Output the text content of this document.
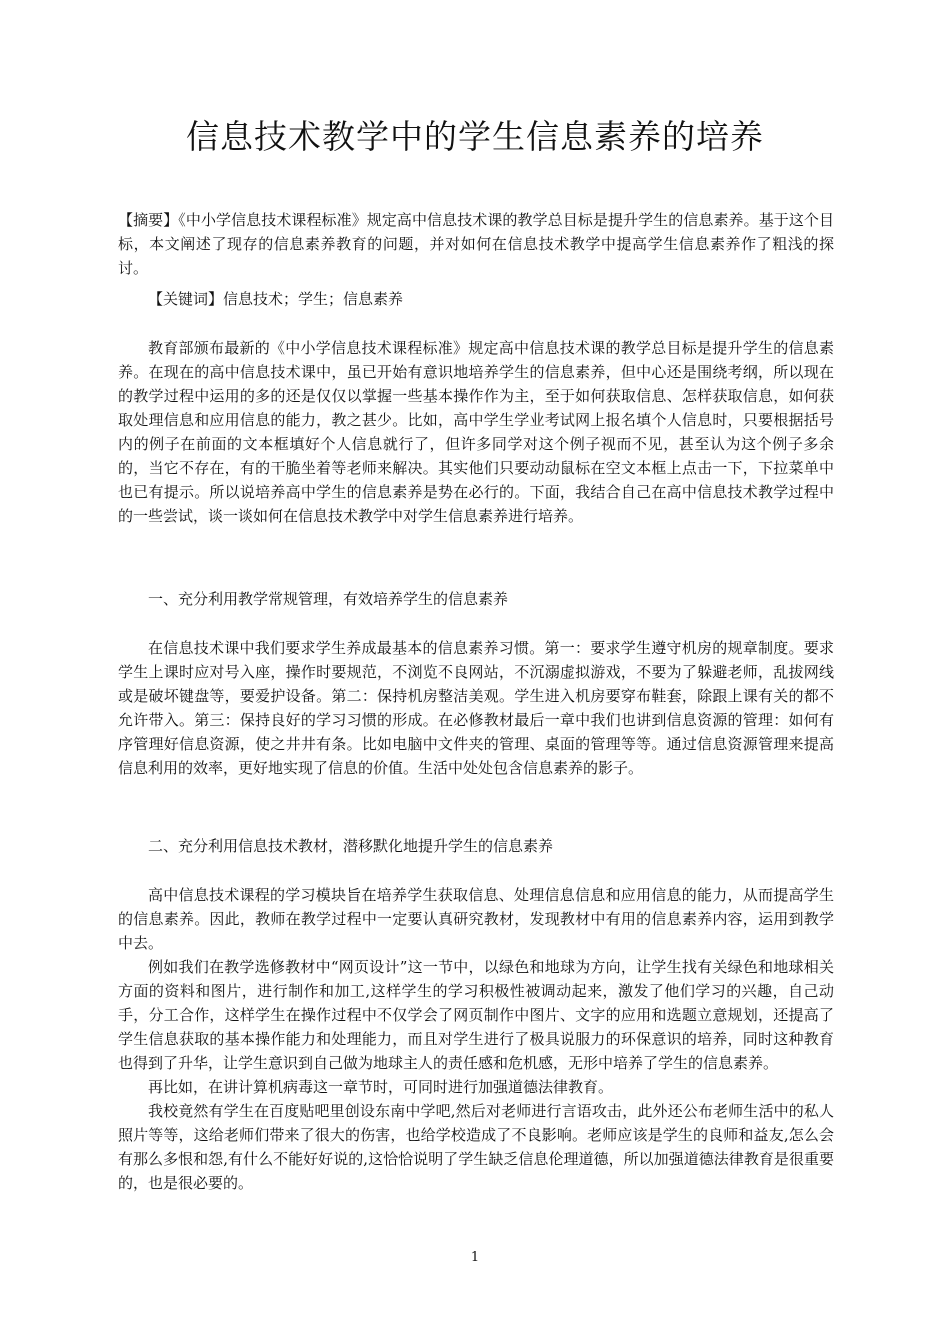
信息技术教学中的学生信息素养的培养

【摘要】《中小学信息技术课程标准》规定高中信息技术课的教学总目标是提升学生的信息素养。基于这个目标，本文阐述了现存的信息素养教育的问题，并对如何在信息技术教学中提高学生信息素养作了粗浅的探讨。

【关键词】信息技术；学生；信息素养

教育部颁布最新的《中小学信息技术课程标准》规定高中信息技术课的教学总目标是提升学生的信息素养。在现在的高中信息技术课中，虽已开始有意识地培养学生的信息素养，但中心还是围绕考纲，所以现在的教学过程中运用的多的还是仅仅以掌握一些基本操作作为主，至于如何获取信息、怎样获取信息，如何获取处理信息和应用信息的能力，教之甚少。比如，高中学生学业考试网上报名填个人信息时，只要根据括号内的例子在前面的文本框填好个人信息就行了，但许多同学对这个例子视而不见，甚至认为这个例子多余的，当它不存在，有的干脆坐着等老师来解决。其实他们只要动动鼠标在空文本框上点击一下，下拉菜单中也已有提示。所以说培养高中学生的信息素养是势在必行的。下面，我结合自己在高中信息技术教学过程中的一些尝试，谈一谈如何在信息技术教学中对学生信息素养进行培养。

一、充分利用教学常规管理，有效培养学生的信息素养

在信息技术课中我们要求学生养成最基本的信息素养习惯。第一：要求学生遵守机房的规章制度。要求学生上课时应对号入座，操作时要规范，不浏览不良网站，不沉溺虚拟游戏，不要为了躲避老师，乱拔网线或是破坏键盘等，要爱护设备。第二：保持机房整洁美观。学生进入机房要穿布鞋套，除跟上课有关的都不允许带入。第三：保持良好的学习习惯的形成。在必修教材最后一章中我们也讲到信息资源的管理：如何有序管理好信息资源，使之井井有条。比如电脑中文件夹的管理、桌面的管理等等。通过信息资源管理来提高信息利用的效率，更好地实现了信息的价值。生活中处处包含信息素养的影子。

二、充分利用信息技术教材，潜移默化地提升学生的信息素养

高中信息技术课程的学习模块旨在培养学生获取信息、处理信息信息和应用信息的能力，从而提高学生的信息素养。因此，教师在教学过程中一定要认真研究教材，发现教材中有用的信息素养内容，运用到教学中去。

例如我们在教学选修教材中“网页设计”这一节中，以绿色和地球为方向，让学生找有关绿色和地球相关方面的资料和图片，进行制作和加工,这样学生的学习积极性被调动起来，激发了他们学习的兴趣，自己动手，分工合作，这样学生在操作过程中不仅学会了网页制作中图片、文字的应用和选题立意规划，还提高了学生信息获取的基本操作能力和处理能力，而且对学生进行了极具说服力的环保意识的培养，同时这种教育也得到了升华，让学生意识到自己做为地球主人的责任感和危机感，无形中培养了学生的信息素养。

再比如，在讲计算机病毒这一章节时，可同时进行加强道德法律教育。

我校竟然有学生在百度贴吧里创设东南中学吧,然后对老师进行言语攻击，此外还公布老师生活中的私人照片等等，这给老师们带来了很大的伤害，也给学校造成了不良影响。老师应该是学生的良师和益友,怎么会有那么多恨和怨,有什么不能好好说的,这恰恰说明了学生缺乏信息伦理道德，所以加强道德法律教育是很重要的，也是很必要的。

1
